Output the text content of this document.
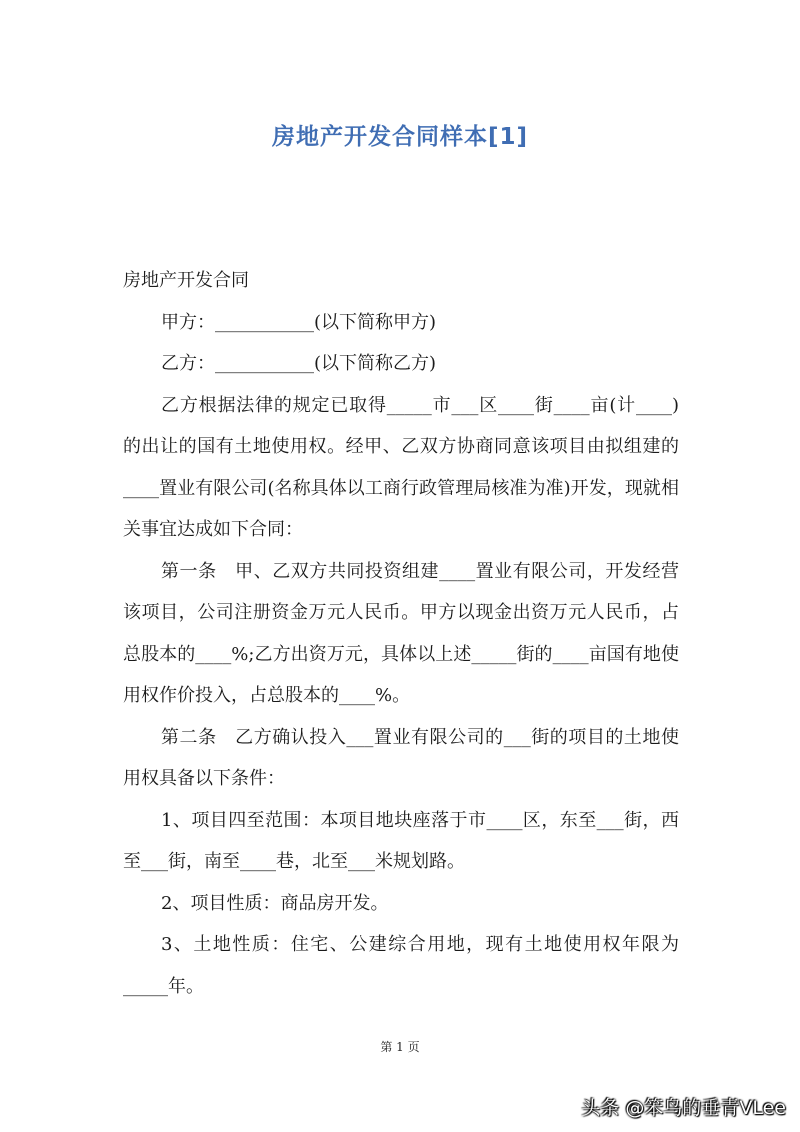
房地产开发合同样本[1]

房地产开发合同

甲方：___________(以下简称甲方)

乙方：___________(以下简称乙方)

乙方根据法律的规定已取得_____市___区____街____亩(计____)的出让的国有土地使用权。经甲、乙双方协商同意该项目由拟组建的____置业有限公司(名称具体以工商行政管理局核准为准)开发，现就相关事宜达成如下合同：

第一条　甲、乙双方共同投资组建____置业有限公司，开发经营该项目，公司注册资金万元人民币。甲方以现金出资万元人民币，占总股本的____%;乙方出资万元，具体以上述_____街的____亩国有地使用权作价投入，占总股本的____%。

第二条　乙方确认投入___置业有限公司的___街的项目的土地使用权具备以下条件：

1、项目四至范围：本项目地块座落于市____区，东至___街，西至___街，南至____巷，北至___米规划路。

2、项目性质：商品房开发。

3、土地性质：住宅、公建综合用地，现有土地使用权年限为_____年。

第 1 页
头条 @笨鸟的垂青VLee
